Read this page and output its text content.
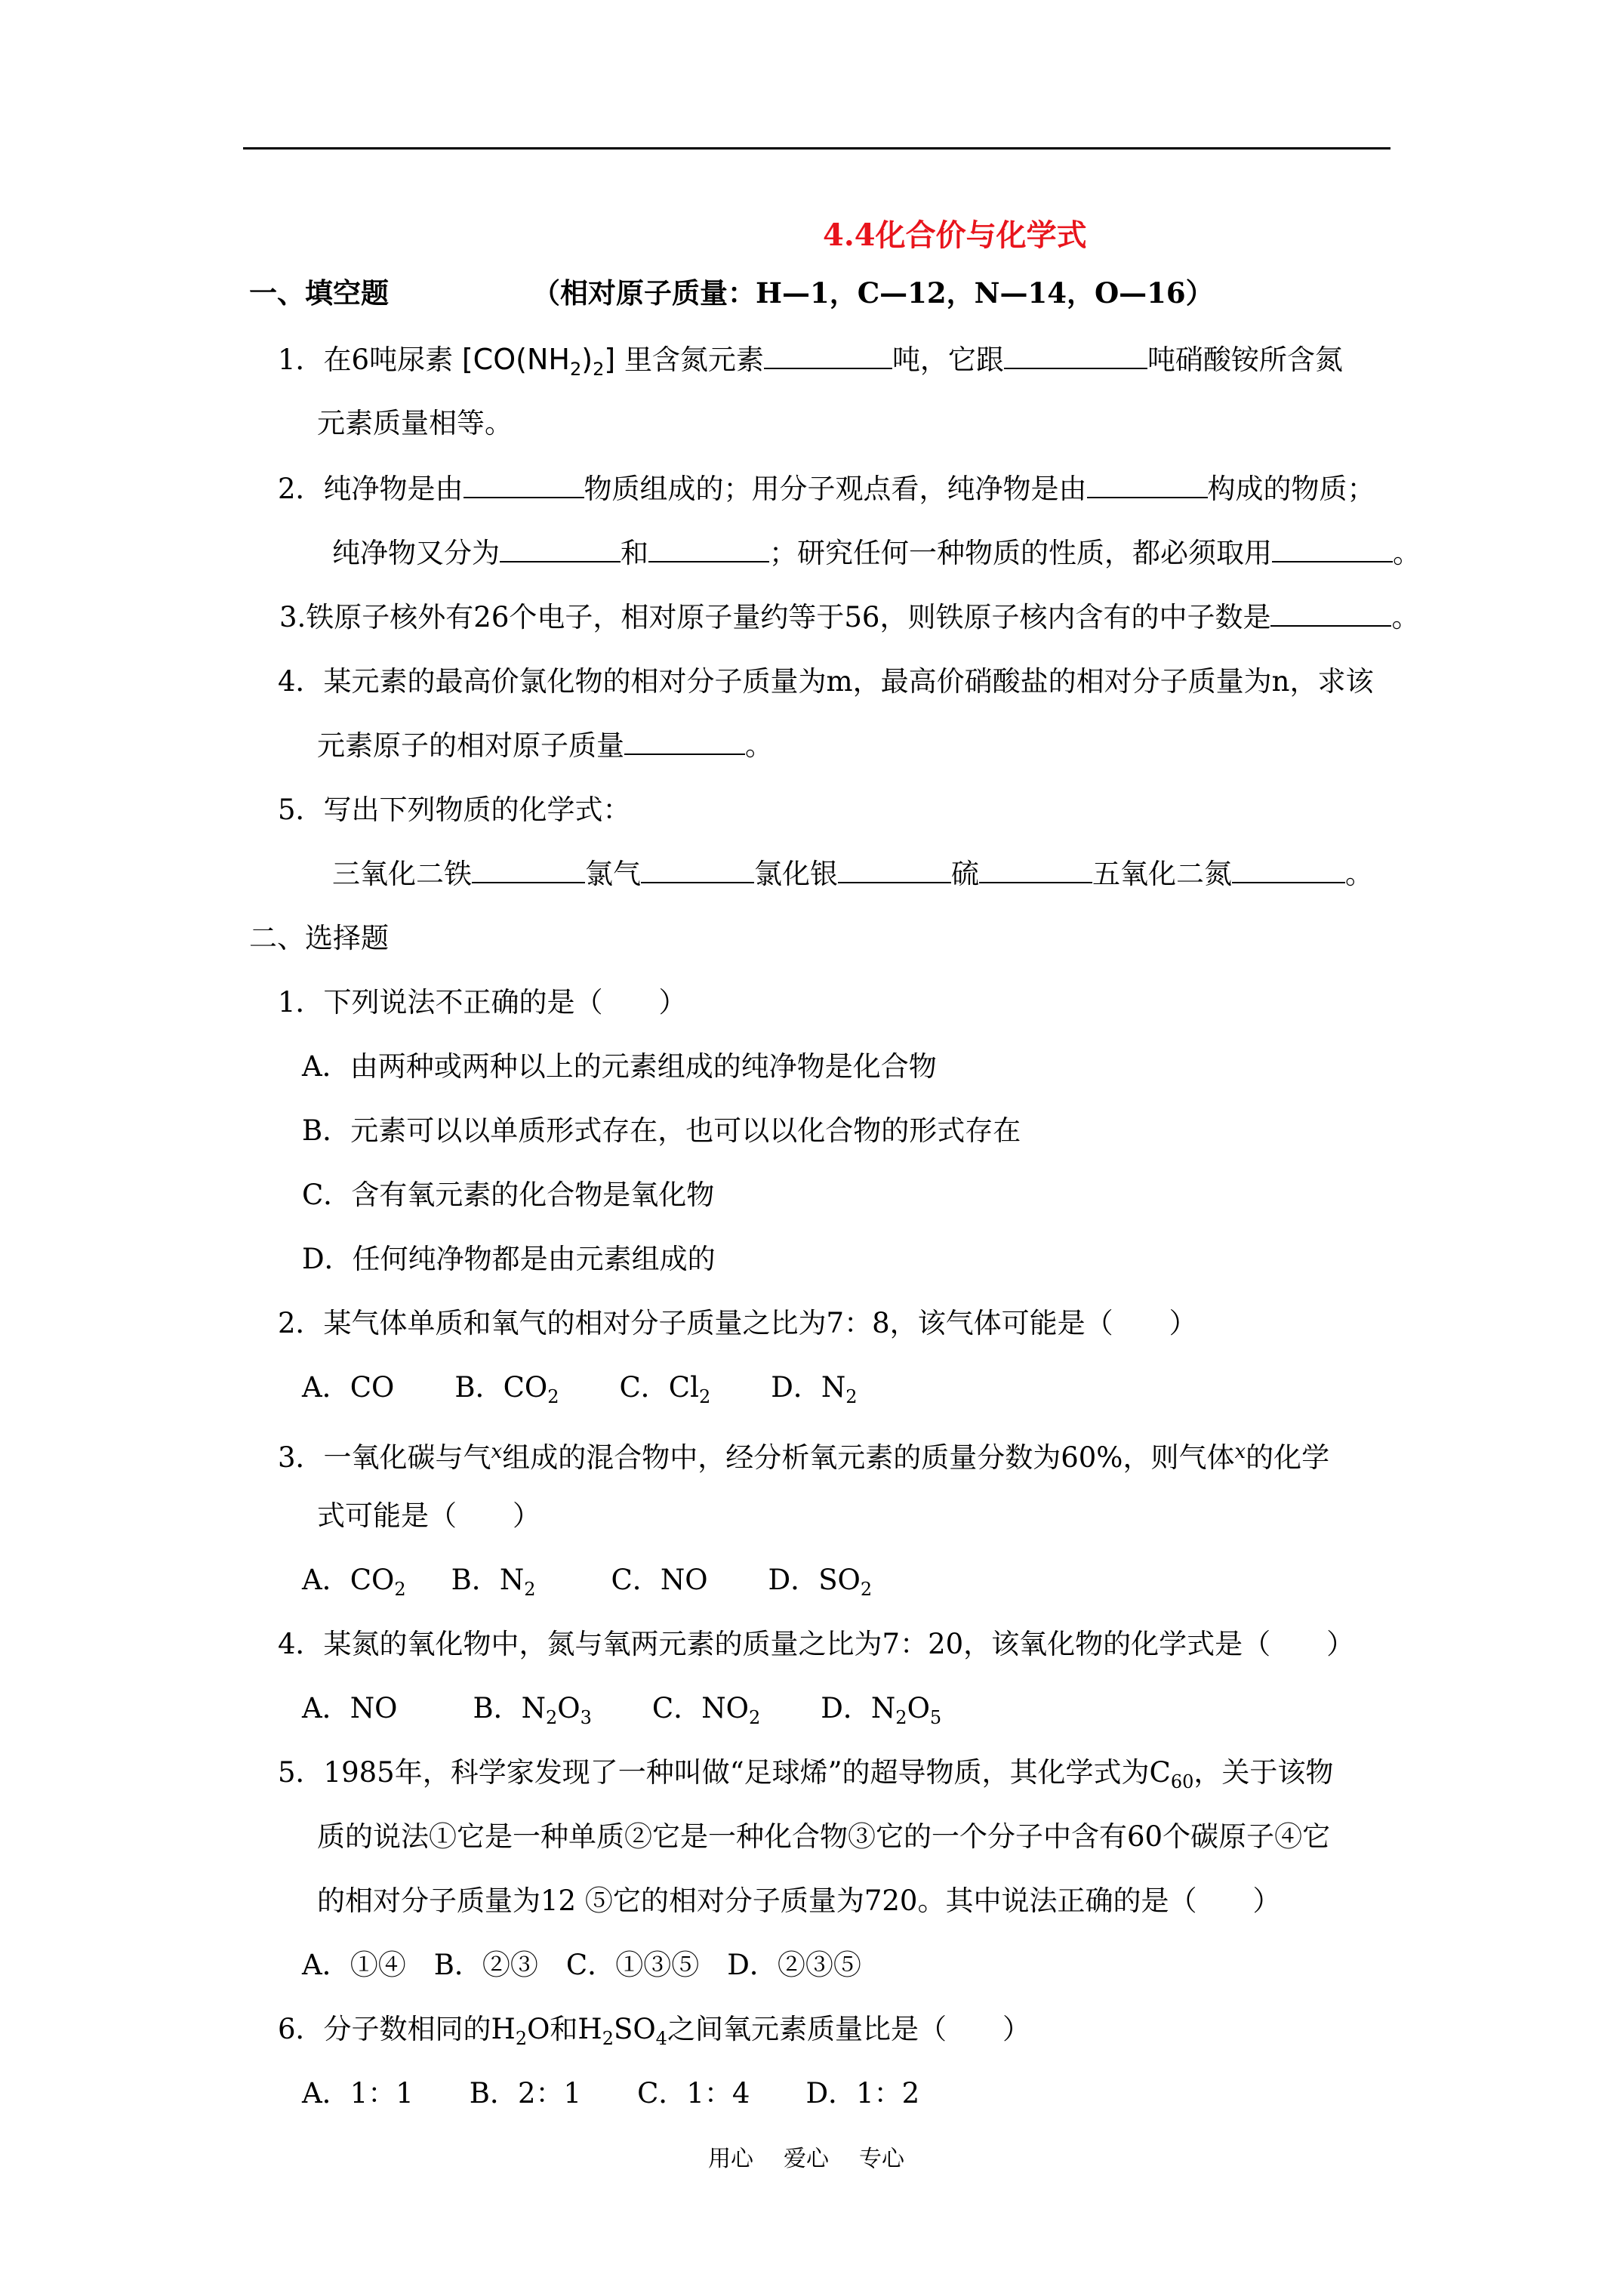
4.4化合价与化学式
一、填空题	（相对原子质量：H—1，C—12，N—14，O—16）
1．在6吨尿素 $[CO(NH_2)_2]$ 里含氮元素	吨，它跟	吨硝酸铵所含氮
元素质量相等。
2．纯净物是由	物质组成的；用分子观点看，纯净物是由	构成的物质；
纯净物又分为	和	；研究任何一种物质的性质，都必须取用	。
3.铁原子核外有26个电子，相对原子量约等于56，则铁原子核内含有的中子数是	。
4．某元素的最高价氯化物的相对分子质量为m，最高价硝酸盐的相对分子质量为n，求该
元素原子的相对原子质量	。
5．写出下列物质的化学式：
三氧化二铁	氯气	氯化银	硫	五氧化二氮	。
二、选择题
1．下列说法不正确的是（　　）
A．由两种或两种以上的元素组成的纯净物是化合物
B．元素可以以单质形式存在，也可以以化合物的形式存在
C．含有氧元素的化合物是氧化物
D．任何纯净物都是由元素组成的
2．某气体单质和氧气的相对分子质量之比为7：8，该气体可能是（　　）
A．CO B．$CO_2$ C．$Cl_2$ D．$N_2$
3．一氧化碳与气$^x$组成的混合物中，经分析氧元素的质量分数为60%，则气体$^x$的化学
式可能是（　　）
A．$CO_2$ B．$N_2$	C．NO D．$SO_2$
4．某氮的氧化物中，氮与氧两元素的质量之比为7：20，该氧化物的化学式是（　　）
A．NO	B．$N_2O_3$ C．$NO_2$ D．$N_2O_5$
5．1985年，科学家发现了一种叫做“足球烯”的超导物质，其化学式为$C_{60}$，关于该物
质的说法①它是一种单质②它是一种化合物③它的一个分子中含有60个碳原子④它
的相对分子质量为12 ⑤它的相对分子质量为720。其中说法正确的是（　　）
A．①④　B．②③　C．①③⑤　D．②③⑤
6．分子数相同的$H_2O$和$H_2SO_4$之间氧元素质量比是（　　）
A．1：1　　B．2：1　　C．1：4　　D．1：2
用心 爱心 专心
